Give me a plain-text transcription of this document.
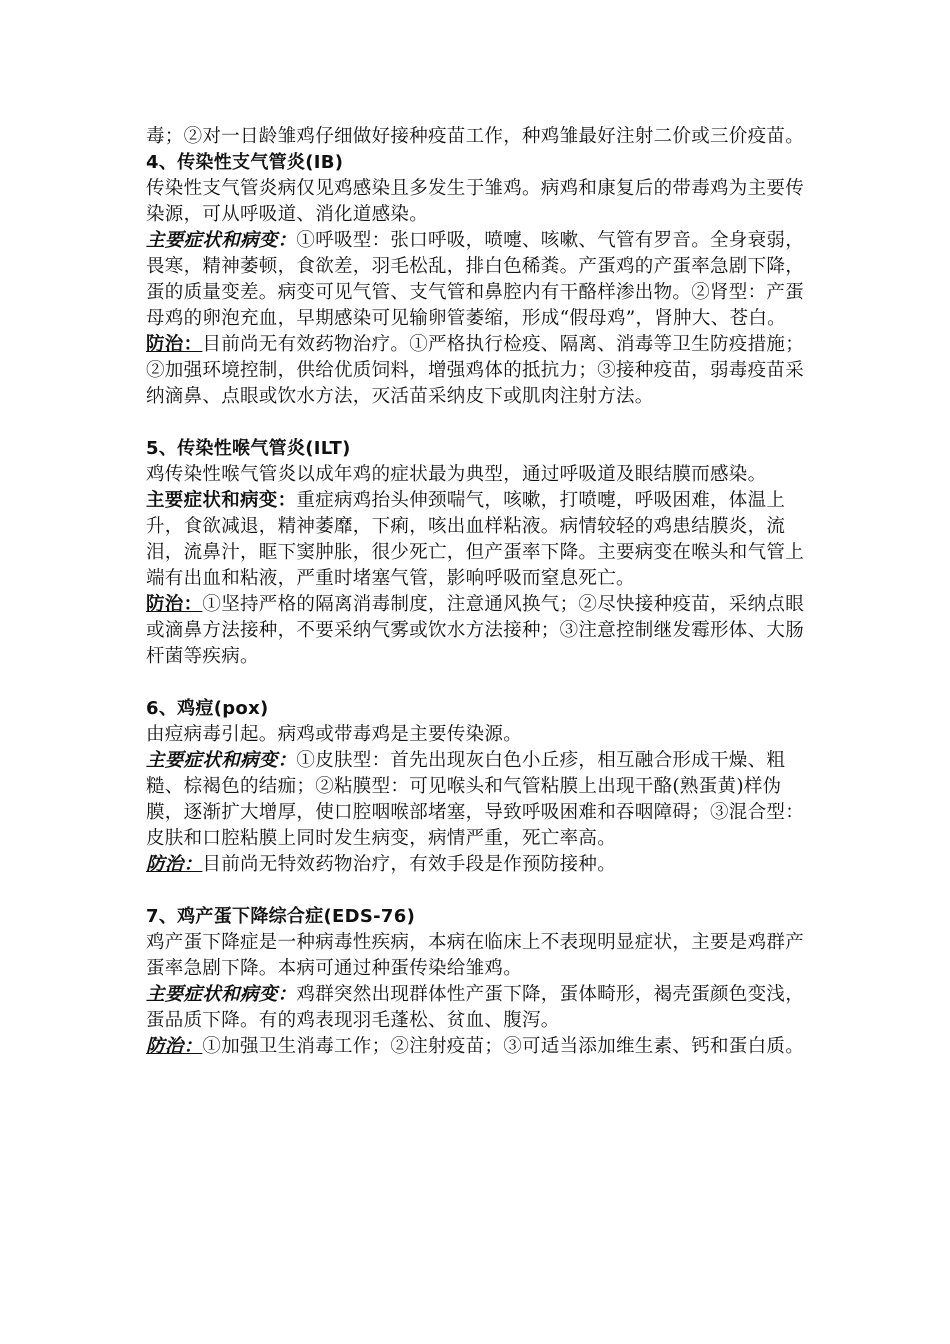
毒；②对一日龄雏鸡仔细做好接种疫苗工作，种鸡雏最好注射二价或三价疫苗。

4、传染性支气管炎(IB)

传染性支气管炎病仅见鸡感染且多发生于雏鸡。病鸡和康复后的带毒鸡为主要传染源，可从呼吸道、消化道感染。

主要症状和病变：①呼吸型：张口呼吸，喷嚏、咳嗽、气管有罗音。全身衰弱，畏寒，精神萎顿，食欲差，羽毛松乱，排白色稀粪。产蛋鸡的产蛋率急剧下降，蛋的质量变差。病变可见气管、支气管和鼻腔内有干酪样渗出物。②肾型：产蛋母鸡的卵泡充血，早期感染可见输卵管萎缩，形成“假母鸡”，肾肿大、苍白。

防治：目前尚无有效药物治疗。①严格执行检疫、隔离、消毒等卫生防疫措施；②加强环境控制，供给优质饲料，增强鸡体的抵抗力；③接种疫苗，弱毒疫苗采纳滴鼻、点眼或饮水方法，灭活苗采纳皮下或肌肉注射方法。

5、传染性喉气管炎(ILT)

鸡传染性喉气管炎以成年鸡的症状最为典型，通过呼吸道及眼结膜而感染。

主要症状和病变：重症病鸡抬头伸颈喘气，咳嗽，打喷嚏，呼吸困难，体温上升，食欲减退，精神萎靡，下痢，咳出血样粘液。病情较轻的鸡患结膜炎，流泪，流鼻汁，眶下窦肿胀，很少死亡，但产蛋率下降。主要病变在喉头和气管上端有出血和粘液，严重时堵塞气管，影响呼吸而窒息死亡。

防治：①坚持严格的隔离消毒制度，注意通风换气；②尽快接种疫苗，采纳点眼或滴鼻方法接种，不要采纳气雾或饮水方法接种；③注意控制继发霉形体、大肠杆菌等疾病。

6、鸡痘(pox)

由痘病毒引起。病鸡或带毒鸡是主要传染源。

主要症状和病变：①皮肤型：首先出现灰白色小丘疹，相互融合形成干燥、粗糙、棕褐色的结痂；②粘膜型：可见喉头和气管粘膜上出现干酪(熟蛋黄)样伪膜，逐渐扩大增厚，使口腔咽喉部堵塞，导致呼吸困难和吞咽障碍；③混合型：皮肤和口腔粘膜上同时发生病变，病情严重，死亡率高。

防治：目前尚无特效药物治疗，有效手段是作预防接种。

7、鸡产蛋下降综合症(EDS-76)

鸡产蛋下降症是一种病毒性疾病，本病在临床上不表现明显症状，主要是鸡群产蛋率急剧下降。本病可通过种蛋传染给雏鸡。

主要症状和病变：鸡群突然出现群体性产蛋下降，蛋体畸形，褐壳蛋颜色变浅，蛋品质下降。有的鸡表现羽毛蓬松、贫血、腹泻。

防治：①加强卫生消毒工作；②注射疫苗；③可适当添加维生素、钙和蛋白质。
